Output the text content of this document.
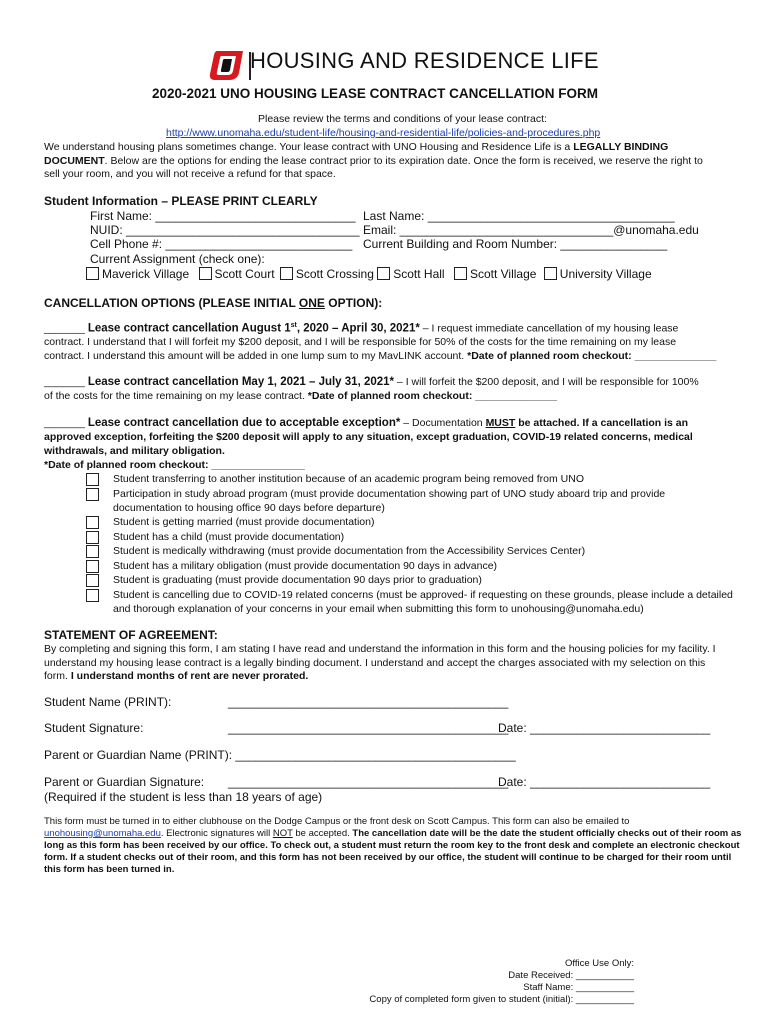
HOUSING AND RESIDENCE LIFE
2020-2021 UNO HOUSING LEASE CONTRACT CANCELLATION FORM
Please review the terms and conditions of your lease contract:
http://www.unomaha.edu/student-life/housing-and-residential-life/policies-and-procedures.php
We understand housing plans sometimes change. Your lease contract with UNO Housing and Residence Life is a LEGALLY BINDING
DOCUMENT. Below are the options for ending the lease contract prior to its expiration date. Once the form is received, we reserve the right to
sell your room, and you will not receive a refund for that space.
Student Information – PLEASE PRINT CLEARLY
First Name: ______________________________
NUID: ___________________________________
Cell Phone #: ____________________________
Last Name: _____________________________________
Email: ________________________________@unomaha.edu
Current Building and Room Number: ________________
Current Assignment (check one):
Maverick Village Scott Court Scott Crossing Scott Hall Scott Village University Village
CANCELLATION OPTIONS (PLEASE INITIAL ONE OPTION):
_______ Lease contract cancellation August 1st, 2020 – April 30, 2021* – I request immediate cancellation of my housing lease
contract. I understand that I will forfeit my $200 deposit, and I will be responsible for 50% of the costs for the time remaining on my lease
contract. I understand this amount will be added in one lump sum to my MavLINK account. *Date of planned room checkout: ______________
_______ Lease contract cancellation May 1, 2021 – July 31, 2021* – I will forfeit the $200 deposit, and I will be responsible for 100%
of the costs for the time remaining on my lease contract. *Date of planned room checkout: ______________
_______ Lease contract cancellation due to acceptable exception* – Documentation MUST be attached. If a cancellation is an
approved exception, forfeiting the $200 deposit will apply to any situation, except graduation, COVID-19 related concerns, medical
withdrawals, and military obligation.
*Date of planned room checkout: ________________
Student transferring to another institution because of an academic program being removed from UNO
Participation in study abroad program (must provide documentation showing part of UNO study aboard trip and provide
documentation to housing office 90 days before departure)
Student is getting married (must provide documentation)
Student has a child (must provide documentation)
Student is medically withdrawing (must provide documentation from the Accessibility Services Center)
Student has a military obligation (must provide documentation 90 days in advance)
Student is graduating (must provide documentation 90 days prior to graduation)
Student is cancelling due to COVID-19 related concerns (must be approved- if requesting on these grounds, please include a detailed
and thorough explanation of your concerns in your email when submitting this form to unohousing@unomaha.edu)
STATEMENT OF AGREEMENT:
By completing and signing this form, I am stating I have read and understand the information in this form and the housing policies for my facility. I
understand my housing lease contract is a legally binding document. I understand and accept the charges associated with my selection on this
form. I understand months of rent are never prorated.
Student Name (PRINT):	__________________________________________
Student Signature:	__________________________________________
Date: ___________________________
Parent or Guardian Name (PRINT): __________________________________________
Parent or Guardian Signature: __________________________________________
Date: ___________________________
(Required if the student is less than 18 years of age)
This form must be turned in to either clubhouse on the Dodge Campus or the front desk on Scott Campus. This form can also be emailed to
unohousing@unomaha.edu. Electronic signatures will NOT be accepted. The cancellation date will be the date the student officially checks out of their room as
long as this form has been received by our office. To check out, a student must return the room key to the front desk and complete an electronic checkout
form. If a student checks out of their room, and this form has not been received by our office, the student will continue to be charged for their room until
this form has been turned in.
Office Use Only:
Date Received: ___________
Staff Name: ___________
Copy of completed form given to student (initial): ___________
